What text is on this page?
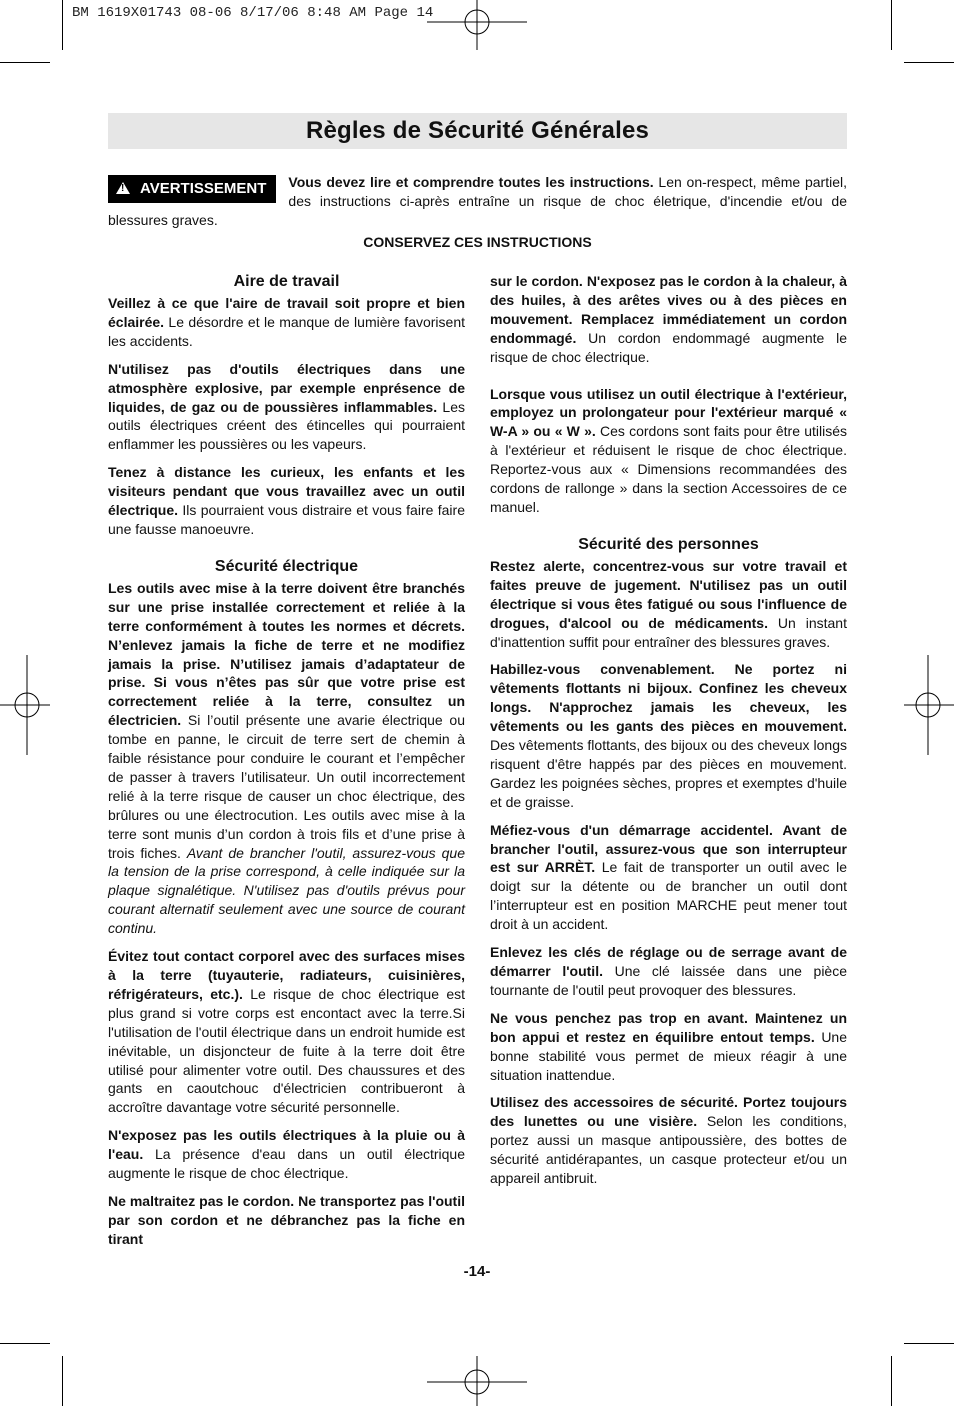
BM 1619X01743 08-06 8/17/06 8:48 AM Page 14
Règles de Sécurité Générales
! AVERTISSEMENT	Vous devez lire et comprendre toutes les instructions. Len on-respect, même partiel, des instructions ci-après entraîne un risque de choc életrique, d'incendie et/ou de blessures graves.
CONSERVEZ CES INSTRUCTIONS
Aire de travail

Veillez à ce que l'aire de travail soit propre et bien éclairée. Le désordre et le manque de lumière favorisent les accidents.

N'utilisez pas d'outils électriques dans une atmosphère explosive, par exemple enprésence de liquides, de gaz ou de poussières inflammables. Les outils électriques créent des étincelles qui pourraient enflammer les poussières ou les vapeurs.

Tenez à distance les curieux, les enfants et les visiteurs pendant que vous travaillez avec un outil électrique. Ils pourraient vous distraire et vous faire faire une fausse manoeuvre.

Sécurité électrique

Les outils avec mise à la terre doivent être branchés sur une prise installée correctement et reliée à la terre conformément à toutes les normes et décrets. N’enlevez jamais la fiche de terre et ne modifiez jamais la prise. N’utilisez jamais d’adaptateur de prise. Si vous n’êtes pas sûr que votre prise est correctement reliée à la terre, consultez un électricien. Si l’outil présente une avarie électrique ou tombe en panne, le circuit de terre sert de chemin à faible résistance pour conduire le courant et l’empêcher de passer à travers l’utilisateur. Un outil incorrectement relié à la terre risque de causer un choc électrique, des brûlures ou une électrocution. Les outils avec mise à la terre sont munis d’un cordon à trois fils et d’une prise à trois fiches. Avant de brancher l'outil, assurez-vous que la tension de la prise correspond, à celle indiquée sur la plaque signalétique. N'utilisez pas d'outils prévus pour courant alternatif seulement avec une source de courant continu.

Évitez tout contact corporel avec des surfaces mises à la terre (tuyauterie, radiateurs, cuisinières, réfrigérateurs, etc.). Le risque de choc électrique est plus grand si votre corps est encontact avec la terre.Si l'utilisation de l'outil électrique dans un endroit humide est inévitable, un disjoncteur de fuite à la terre doit être utilisé pour alimenter votre outil. Des chaussures et des gants en caoutchouc d'électricien contribueront à accroître davantage votre sécurité personnelle.

N'exposez pas les outils électriques à la pluie ou à l'eau. La présence d'eau dans un outil électrique augmente le risque de choc électrique.

Ne maltraitez pas le cordon. Ne transportez pas l'outil par son cordon et ne débranchez pas la fiche en tirant

sur le cordon. N'exposez pas le cordon à la chaleur, à des huiles, à des arêtes vives ou à des pièces en mouvement. Remplacez immédiatement un cordon endommagé. Un cordon endommagé augmente le risque de choc électrique.

Lorsque vous utilisez un outil électrique à l'extérieur, employez un prolongateur pour l'extérieur marqué « W-A » ou « W ». Ces cordons sont faits pour être utilisés à l'extérieur et réduisent le risque de choc électrique. Reportez-vous aux « Dimensions recommandées des cordons de rallonge » dans la section Accessoires de ce manuel.

Sécurité des personnes

Restez alerte, concentrez-vous sur votre travail et faites preuve de jugement. N'utilisez pas un outil électrique si vous êtes fatigué ou sous l'influence de drogues, d'alcool ou de médicaments. Un instant d'inattention suffit pour entraîner des blessures graves.

Habillez-vous convenablement. Ne portez ni vêtements flottants ni bijoux. Confinez les cheveux longs. N'approchez jamais les cheveux, les vêtements ou les gants des pièces en mouvement. Des vêtements flottants, des bijoux ou des cheveux longs risquent d'être happés par des pièces en mouvement. Gardez les poignées sèches, propres et exemptes d'huile et de graisse.

Méfiez-vous d'un démarrage accidentel. Avant de brancher l'outil, assurez-vous que son interrupteur est sur ARRÈT. Le fait de transporter un outil avec le doigt sur la détente ou de brancher un outil dont l’interrupteur est en position MARCHE peut mener tout droit à un accident.

Enlevez les clés de réglage ou de serrage avant de démarrer l'outil. Une clé laissée dans une pièce tournante de l'outil peut provoquer des blessures.

Ne vous penchez pas trop en avant. Maintenez un bon appui et restez en équilibre entout temps. Une bonne stabilité vous permet de mieux réagir à une situation inattendue.

Utilisez des accessoires de sécurité. Portez toujours des lunettes ou une visière. Selon les conditions, portez aussi un masque antipoussière, des bottes de sécurité antidérapantes, un casque protecteur et/ou un appareil antibruit.

-14-
